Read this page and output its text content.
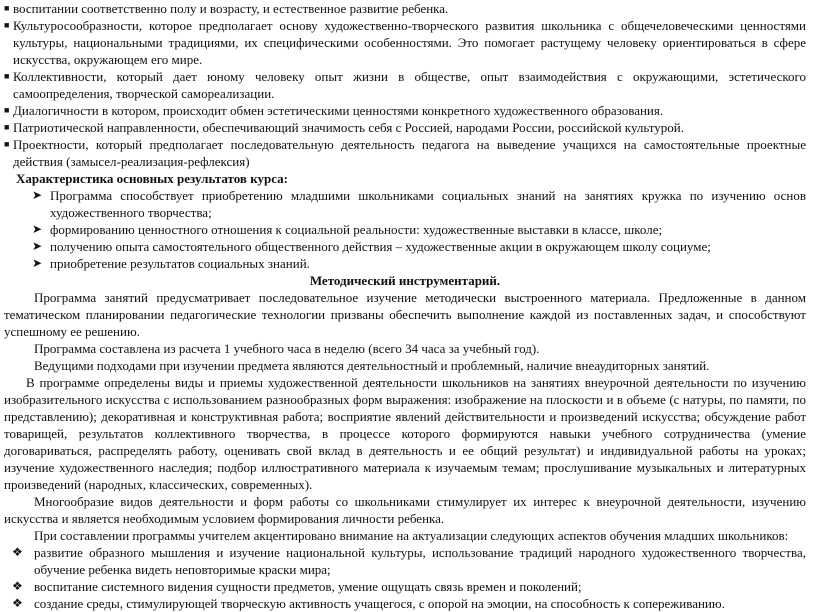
■ воспитании соответственно полу и возрасту, и естественное развитие ребенка.
■ Культуросообразности, которое предполагает основу художественно-творческого развития школьника с общечеловеческими ценностями культуры, национальными традициями, их специфическими особенностями. Это помогает растущему человеку ориентироваться в сфере искусства, окружающем его мире.
■ Коллективности, который дает юному человеку опыт жизни в обществе, опыт взаимодействия с окружающими, эстетического самоопределения, творческой самореализации.
■ Диалогичности в котором, происходит обмен эстетическими ценностями конкретного художественного образования.
■ Патриотической направленности, обеспечивающий значимость себя с Россией, народами России, российской культурой.
■ Проектности, который предполагает последовательную деятельность педагога на выведение учащихся на самостоятельные проектные действия (замысел-реализация-рефлексия)
Характеристика основных результатов курса:
➤ Программа способствует приобретению младшими школьниками социальных знаний на занятиях кружка по изучению основ художественного творчества;
➤ формированию ценностного отношения к социальной реальности: художественные выставки в классе, школе;
➤ получению опыта самостоятельного общественного действия – художественные акции в окружающем школу социуме;
➤ приобретение результатов социальных знаний.
Методический инструментарий.
Программа занятий предусматривает последовательное изучение методически выстроенного материала. Предложенные в данном тематическом планировании педагогические технологии призваны обеспечить выполнение каждой из поставленных задач, и способствуют успешному ее решению.
Программа составлена из расчета 1 учебного часа в неделю (всего 34 часа за учебный год).
Ведущими подходами при изучении предмета являются деятельностный и проблемный, наличие внеаудиторных занятий.
В программе определены виды и приемы художественной деятельности школьников на занятиях внеурочной деятельности по изучению изобразительного искусства с использованием разнообразных форм выражения: изображение на плоскости и в объеме (с натуры, по памяти, по представлению); декоративная и конструктивная работа; восприятие явлений действительности и произведений искусства; обсуждение работ товарищей, результатов коллективного творчества, в процессе которого формируются навыки учебного сотрудничества (умение договариваться, распределять работу, оценивать свой вклад в деятельность и ее общий результат) и индивидуальной работы на уроках; изучение художественного наследия; подбор иллюстративного материала к изучаемым темам; прослушивание музыкальных и литературных произведений (народных, классических, современных).
Многообразие видов деятельности и форм работы со школьниками стимулирует их интерес к внеурочной деятельности, изучению искусства и является необходимым условием формирования личности ребенка.
При составлении программы учителем акцентировано внимание на актуализации следующих аспектов обучения младших школьников:
❖ развитие образного мышления и изучение национальной культуры, использование традиций народного художественного творчества, обучение ребенка видеть неповторимые краски мира;
❖ воспитание системного видения сущности предметов, умение ощущать связь времен и поколений;
❖ создание среды, стимулирующей творческую активность учащегося, с опорой на эмоции, на способность к сопереживанию.
